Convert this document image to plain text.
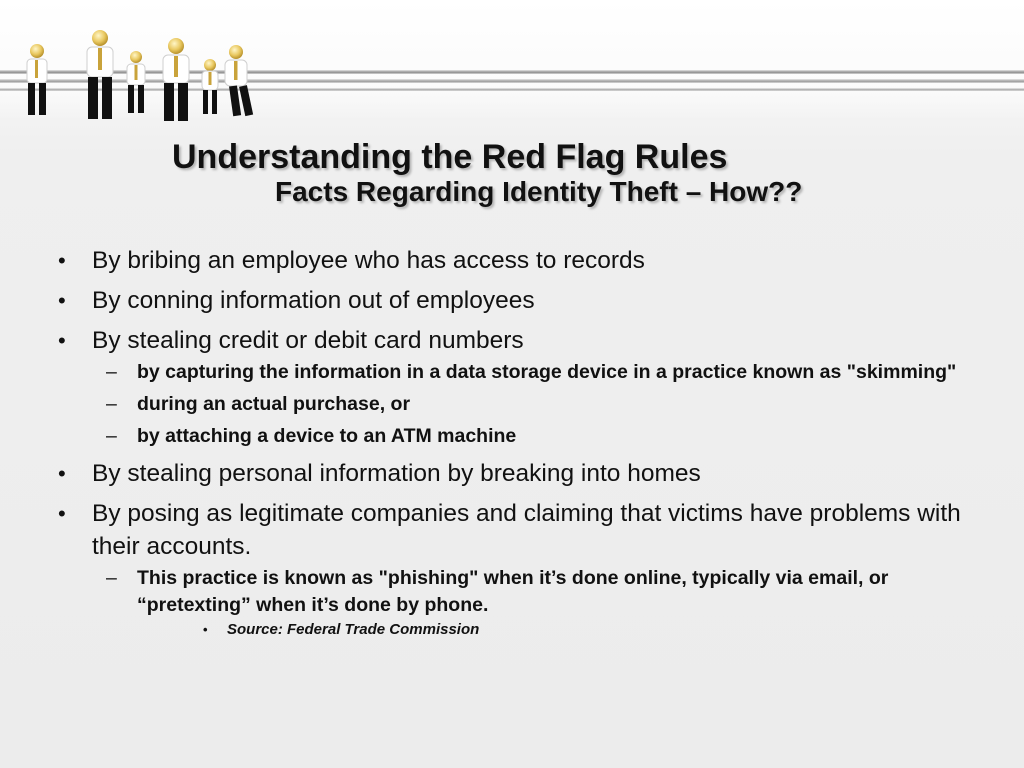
Understanding the Red Flag Rules
Facts Regarding Identity Theft – How??
• By bribing an employee who has access to records
• By conning information out of employees
• By stealing credit or debit card numbers
– by capturing the information in a data storage device in a practice known as "skimming"
– during an actual purchase, or
– by attaching a device to an ATM machine
• By stealing personal information by breaking into homes
• By posing as legitimate companies and claiming that victims have problems with their accounts.
– This practice is known as "phishing" when it’s done online, typically via email, or “pretexting” when it’s done by phone.
• Source: Federal Trade Commission
